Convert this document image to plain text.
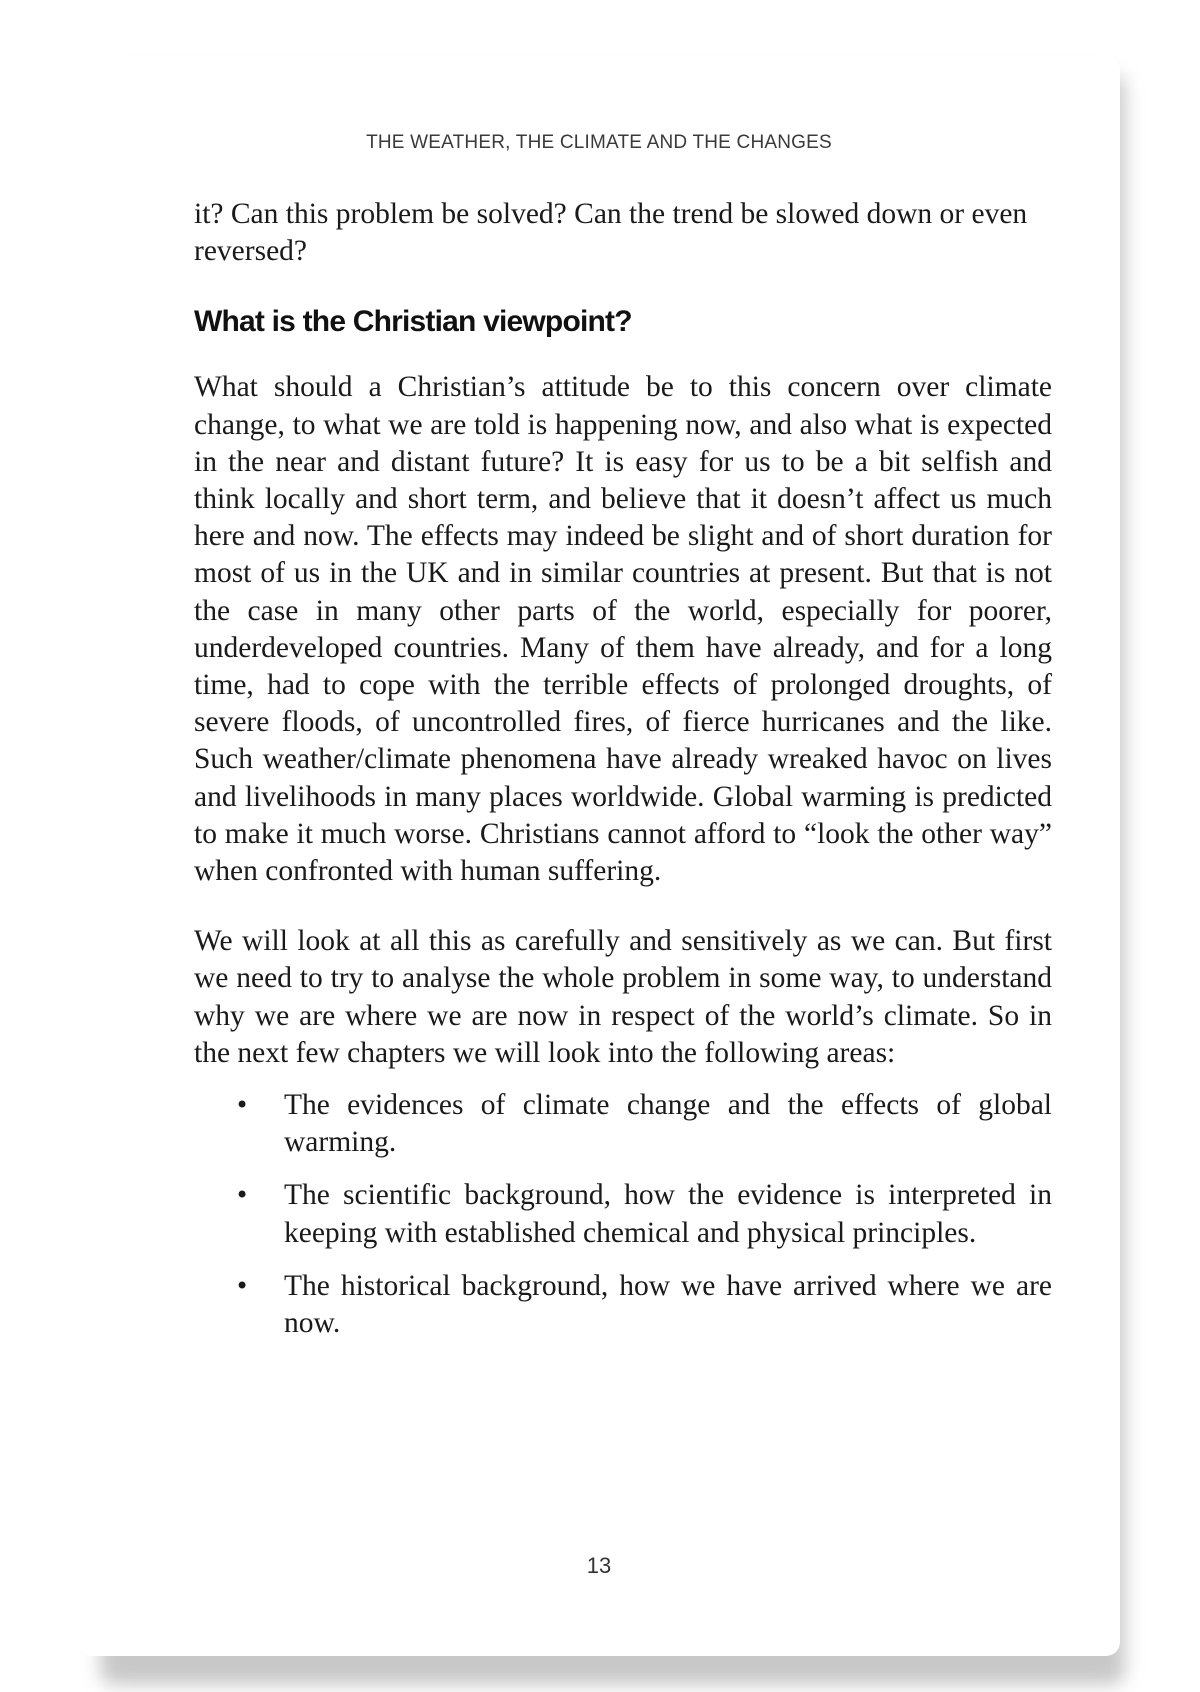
THE WEATHER, THE CLIMATE AND THE CHANGES

it? Can this problem be solved? Can the trend be slowed down or even reversed?

What is the Christian viewpoint?

What should a Christian’s attitude be to this concern over climate change, to what we are told is happening now, and also what is expected in the near and distant future? It is easy for us to be a bit selfish and think locally and short term, and believe that it doesn’t affect us much here and now. The effects may indeed be slight and of short duration for most of us in the UK and in similar countries at present. But that is not the case in many other parts of the world, especially for poorer, underdeveloped countries. Many of them have already, and for a long time, had to cope with the terrible effects of prolonged droughts, of severe floods, of uncontrolled fires, of fierce hurricanes and the like. Such weather/climate phenomena have already wreaked havoc on lives and livelihoods in many places worldwide. Global warming is predicted to make it much worse. Christians cannot afford to “look the other way” when confronted with human suffering.

We will look at all this as carefully and sensitively as we can. But first we need to try to analyse the whole problem in some way, to understand why we are where we are now in respect of the world’s climate. So in the next few chapters we will look into the following areas:

• The evidences of climate change and the effects of global warming.
• The scientific background, how the evidence is interpreted in keeping with established chemical and physical principles.
• The historical background, how we have arrived where we are now.
13
